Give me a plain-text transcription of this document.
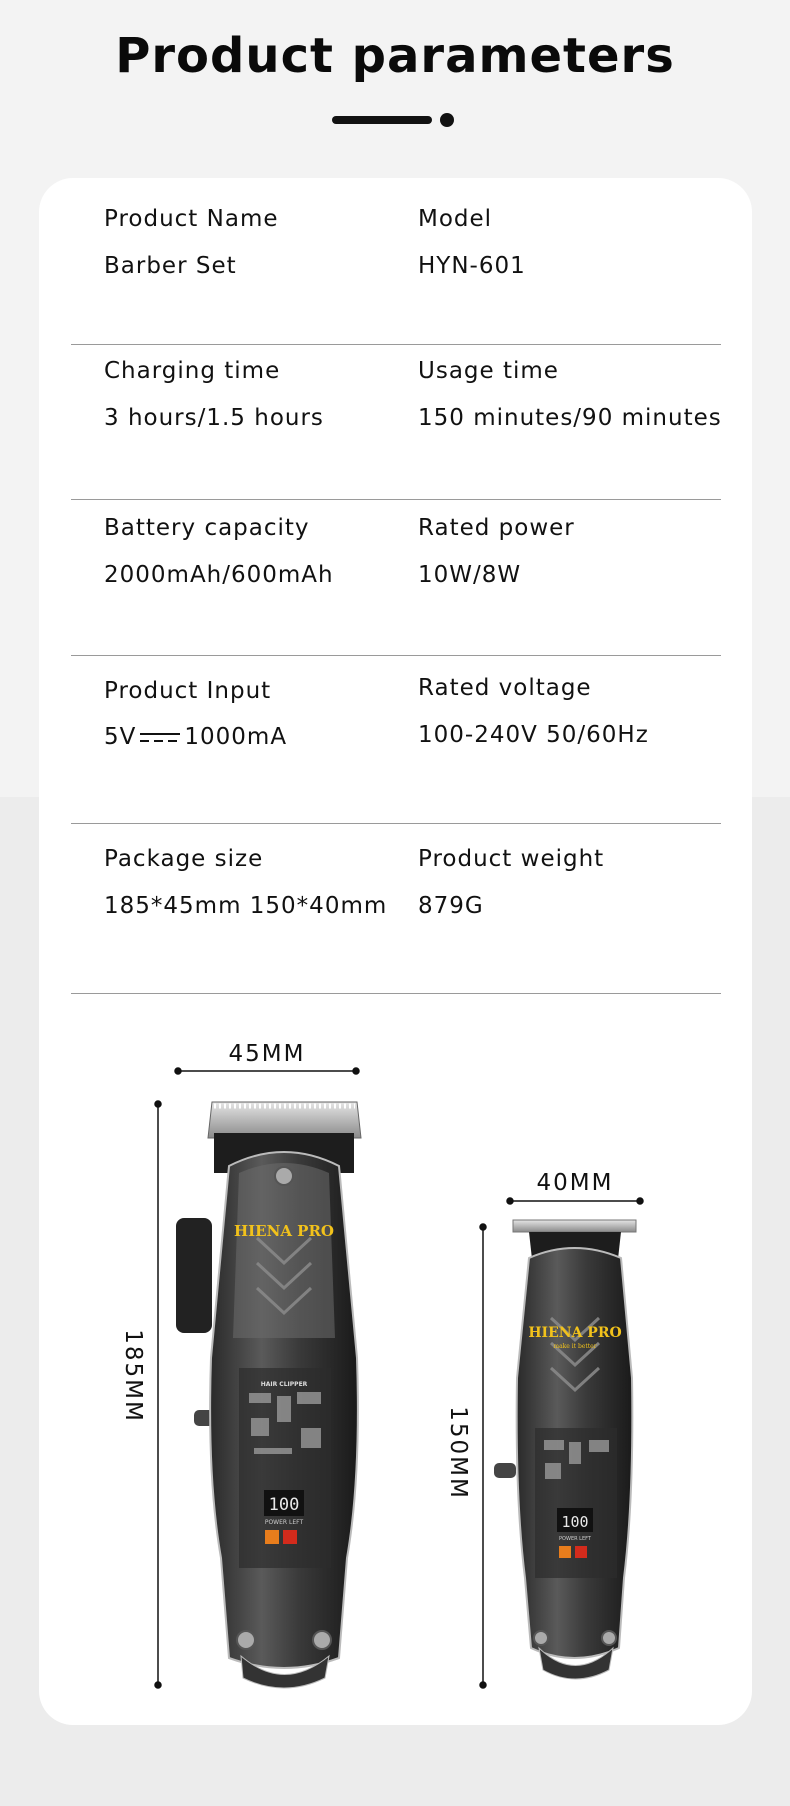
Product parameters
Product Name
Barber Set
Model
HYN-601
Charging time
3 hours/1.5 hours
Usage time
150 minutes/90 minutes
Battery capacity
2000mAh/600mAh
Rated power
10W/8W
Product Input
5V 1000mA
Rated voltage
100-240V 50/60Hz
Package size
185*45mm 150*40mm
Product weight
879G
45MM
185MM
HIENA PRO
HAIR CLIPPER
100
POWER LEFT
40MM
150MM
HIENA PRO
make it better
100
POWER LEFT
